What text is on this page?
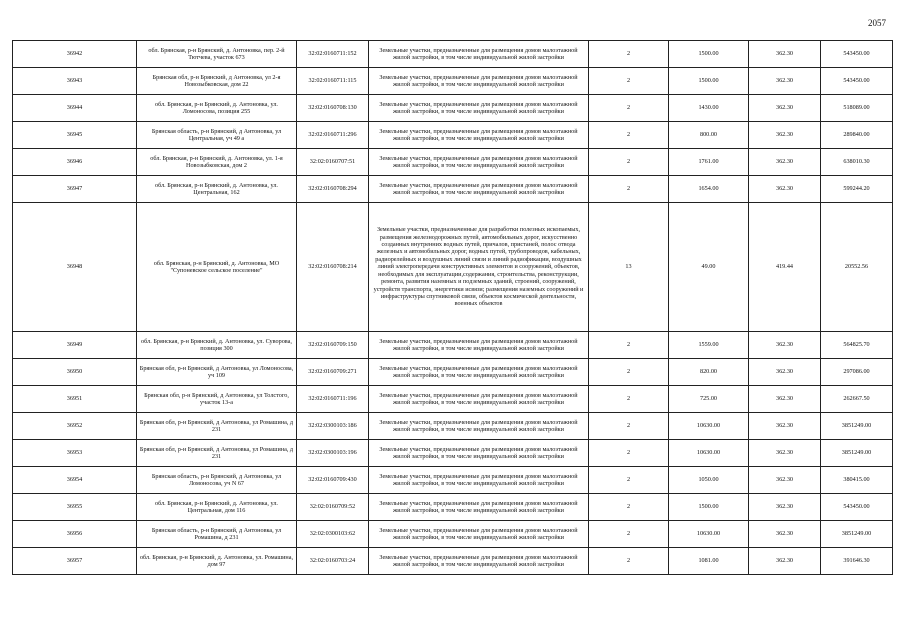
2057
36942	обл. Брянская, р-н Брянский, д. Антоновка, пер. 2-й Тютчева, участок 673	32:02:0160711:152	Земельные участки, предназначенные для размещения домов малоэтажной жилой застройки, в том числе индивидуальной жилой застройки	2	1500.00	362.30	543450.00
36943	Брянская обл, р-н Брянский, д Антоновка, ул 2-я Новозыбковская, дом 22	32:02:0160711:115	Земельные участки, предназначенные для размещения домов малоэтажной жилой застройки, в том числе индивидуальной жилой застройки	2	1500.00	362.30	543450.00
36944	обл. Брянская, р-н Брянский, д. Антоновка, ул. Ломоносова, позиция 255	32:02:0160708:130	Земельные участки, предназначенные для размещения домов малоэтажной жилой застройки, в том числе индивидуальной жилой застройки	2	1430.00	362.30	518089.00
36945	Брянская область, р-н Брянский, д Антоновка, ул Центральная, уч 49 а	32:02:0160711:296	Земельные участки, предназначенные для размещения домов малоэтажной жилой застройки, в том числе индивидуальной жилой застройки	2	800.00	362.30	289840.00
36946	обл. Брянская, р-н Брянский, д. Антоновка, ул. 1-я Новозыбковская, дом 2	32:02:0160707:51	Земельные участки, предназначенные для размещения домов малоэтажной жилой застройки, в том числе индивидуальной жилой застройки	2	1761.00	362.30	638010.30
36947	обл. Брянская, р-н Брянский, д. Антоновка, ул. Центральная, 162	32:02:0160708:294	Земельные участки, предназначенные для размещения домов малоэтажной жилой застройки, в том числе индивидуальной жилой застройки	2	1654.00	362.30	599244.20
36948	обл. Брянская, р-н Брянский, д. Антоновка, МО "Супоневское сельское поселение"	32:02:0160708:214	Земельные участки, предназначенные для разработки полезных ископаемых, размещения железнодорожных путей, автомобильных дорог, искусственно созданных внутренних водных путей, причалов, пристаней, полос отвода железных и автомобильных дорог, водных путей, трубопроводов, кабельных, радиорелейных и воздушных линий связи и линий радиофикации, воздушных линий электропередачи конструктивных элементов и сооружений, объектов, необходимых для эксплуатации,содержания, строительства, реконструкции, ремонта, развития наземных и подземных зданий, строений, сооружений, устройств транспорта, энергетики исвязи; размещения наземных сооружений и инфраструктуры спутниковой связи, объектов космической деятельности, военных объектов	13	49.00	419.44	20552.56
36949	обл. Брянская, р-н Брянский, д. Антоновка, ул. Суворова, позиция 300	32:02:0160709:150	Земельные участки, предназначенные для размещения домов малоэтажной жилой застройки, в том числе индивидуальной жилой застройки	2	1559.00	362.30	564825.70
36950	Брянская обл, р-н Брянский, д Антоновка, ул Ломоносова, уч 109	32:02:0160709:271	Земельные участки, предназначенные для размещения домов малоэтажной жилой застройки, в том числе индивидуальной жилой застройки	2	820.00	362.30	297086.00
36951	Брянская обл, р-н Брянский, д Антоновка, ул Толстого, участок 13-а	32:02:0160711:196	Земельные участки, предназначенные для размещения домов малоэтажной жилой застройки, в том числе индивидуальной жилой застройки	2	725.00	362.30	262667.50
36952	Брянская обл, р-н Брянский, д Антоновка, ул Ромашина, д 231	32:02:0300103:186	Земельные участки, предназначенные для размещения домов малоэтажной жилой застройки, в том числе индивидуальной жилой застройки	2	10630.00	362.30	3851249.00
36953	Брянская обл, р-н Брянский, д Антоновка, ул Ромашина, д 231	32:02:0300103:196	Земельные участки, предназначенные для размещения домов малоэтажной жилой застройки, в том числе индивидуальной жилой застройки	2	10630.00	362.30	3851249.00
36954	Брянская область, р-н Брянский, д Антоновка, ул Ломоносова, уч N 67	32:02:0160709:430	Земельные участки, предназначенные для размещения домов малоэтажной жилой застройки, в том числе индивидуальной жилой застройки	2	1050.00	362.30	380415.00
36955	обл. Брянская, р-н Брянский, д. Антоновка, ул. Центральная, дом 116	32:02:0160709:52	Земельные участки, предназначенные для размещения домов малоэтажной жилой застройки, в том числе индивидуальной жилой застройки	2	1500.00	362.30	543450.00
36956	Брянская область, р-н Брянский, д Антоновка, ул Ромашина, д 231	32:02:0300103:62	Земельные участки, предназначенные для размещения домов малоэтажной жилой застройки, в том числе индивидуальной жилой застройки	2	10630.00	362.30	3851249.00
36957	обл. Брянская, р-н Брянский, д. Антоновка, ул. Ромашина, дом 97	32:02:0160703:24	Земельные участки, предназначенные для размещения домов малоэтажной жилой застройки, в том числе индивидуальной жилой застройки	2	1081.00	362.30	391646.30
